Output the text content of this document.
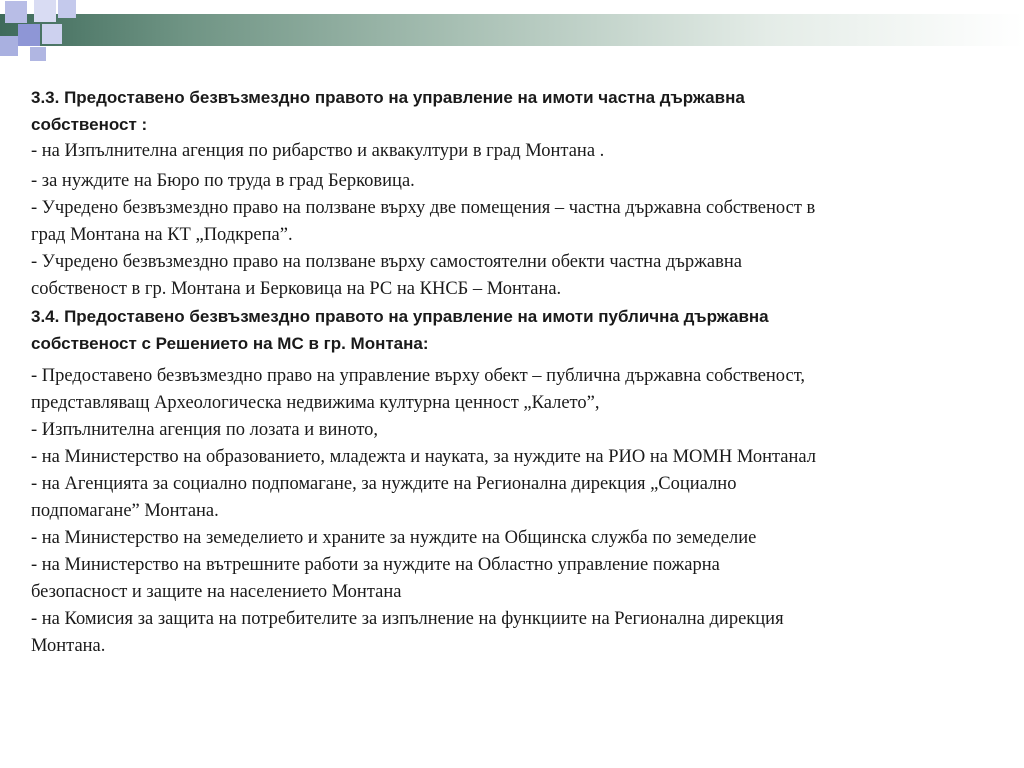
3.3. Предоставено безвъзмездно правото на управление на имоти частна държавна
собственост :
- на Изпълнителна агенция по рибарство и аквакултури в град Монтана .
- за нуждите на Бюро по труда в град Берковица.
- Учредено безвъзмездно право на ползване върху две помещения – частна държавна собственост в
град Монтана на КТ „Подкрепа”.
- Учредено безвъзмездно право на ползване върху самостоятелни обекти частна държавна
собственост в гр. Монтана и Берковица на РС на КНСБ – Монтана.
3.4. Предоставено безвъзмездно правото на управление на имоти публична държавна
собственост с Решението на МС в гр. Монтана:
- Предоставено безвъзмездно право на управление върху обект – публична държавна собственост,
представляващ Археологическа недвижима културна ценност „Калето”,
- Изпълнителна агенция по лозата и виното,
- на Министерство на образованието, младежта и науката, за нуждите на РИО на МОМН Монтанал
- на Агенцията за социално подпомагане, за нуждите на Регионална дирекция „Социално
подпомагане” Монтана.
- на Министерство на земеделието и храните за нуждите на Общинска служба по земеделие
- на Министерство на вътрешните работи за нуждите на Областно управление пожарна
безопасност и защите на населението Монтана
- на Комисия за защита на потребителите за изпълнение на функциите на Регионална дирекция
Монтана.
